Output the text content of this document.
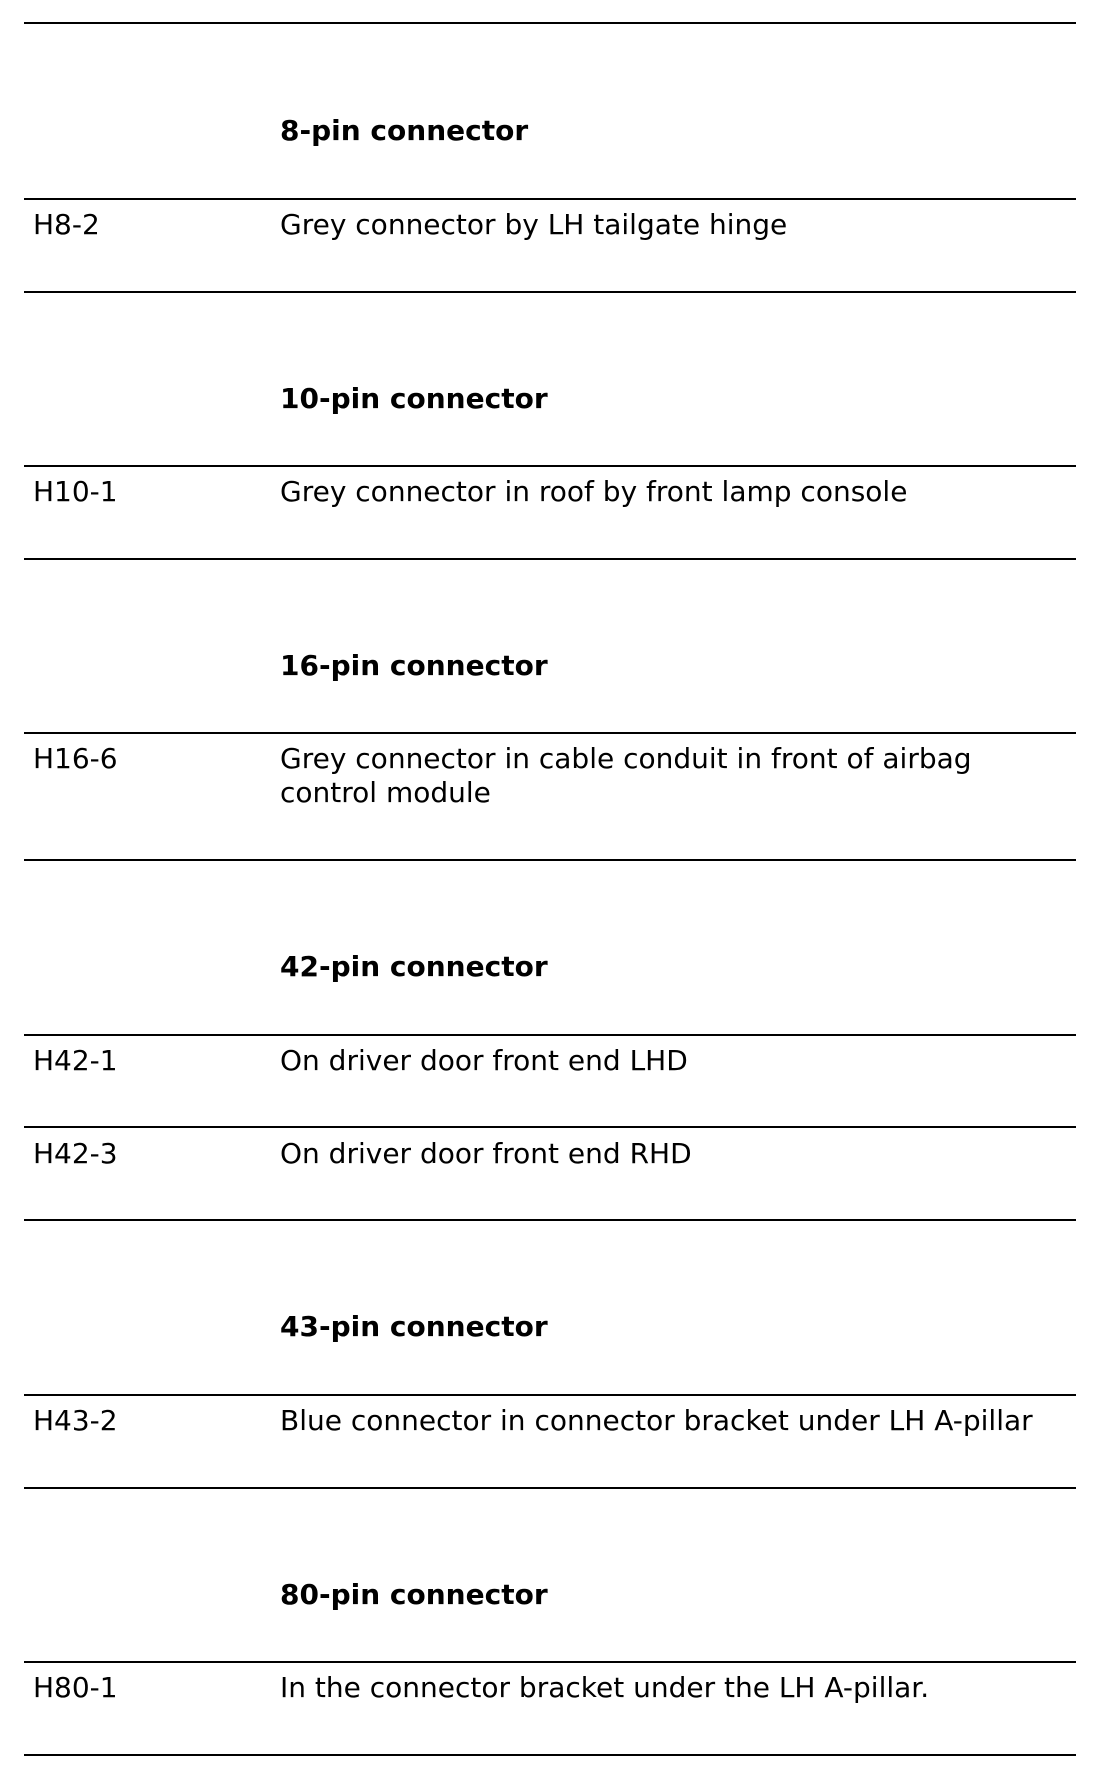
8-pin connector
H8-2	Grey connector by LH tailgate hinge
10-pin connector
H10-1	Grey connector in roof by front lamp console
16-pin connector
H16-6	Grey connector in cable conduit in front of airbag control module
42-pin connector
H42-1	On driver door front end LHD
H42-3	On driver door front end RHD
43-pin connector
H43-2	Blue connector in connector bracket under LH A-pillar
80-pin connector
H80-1	In the connector bracket under the LH A-pillar.
